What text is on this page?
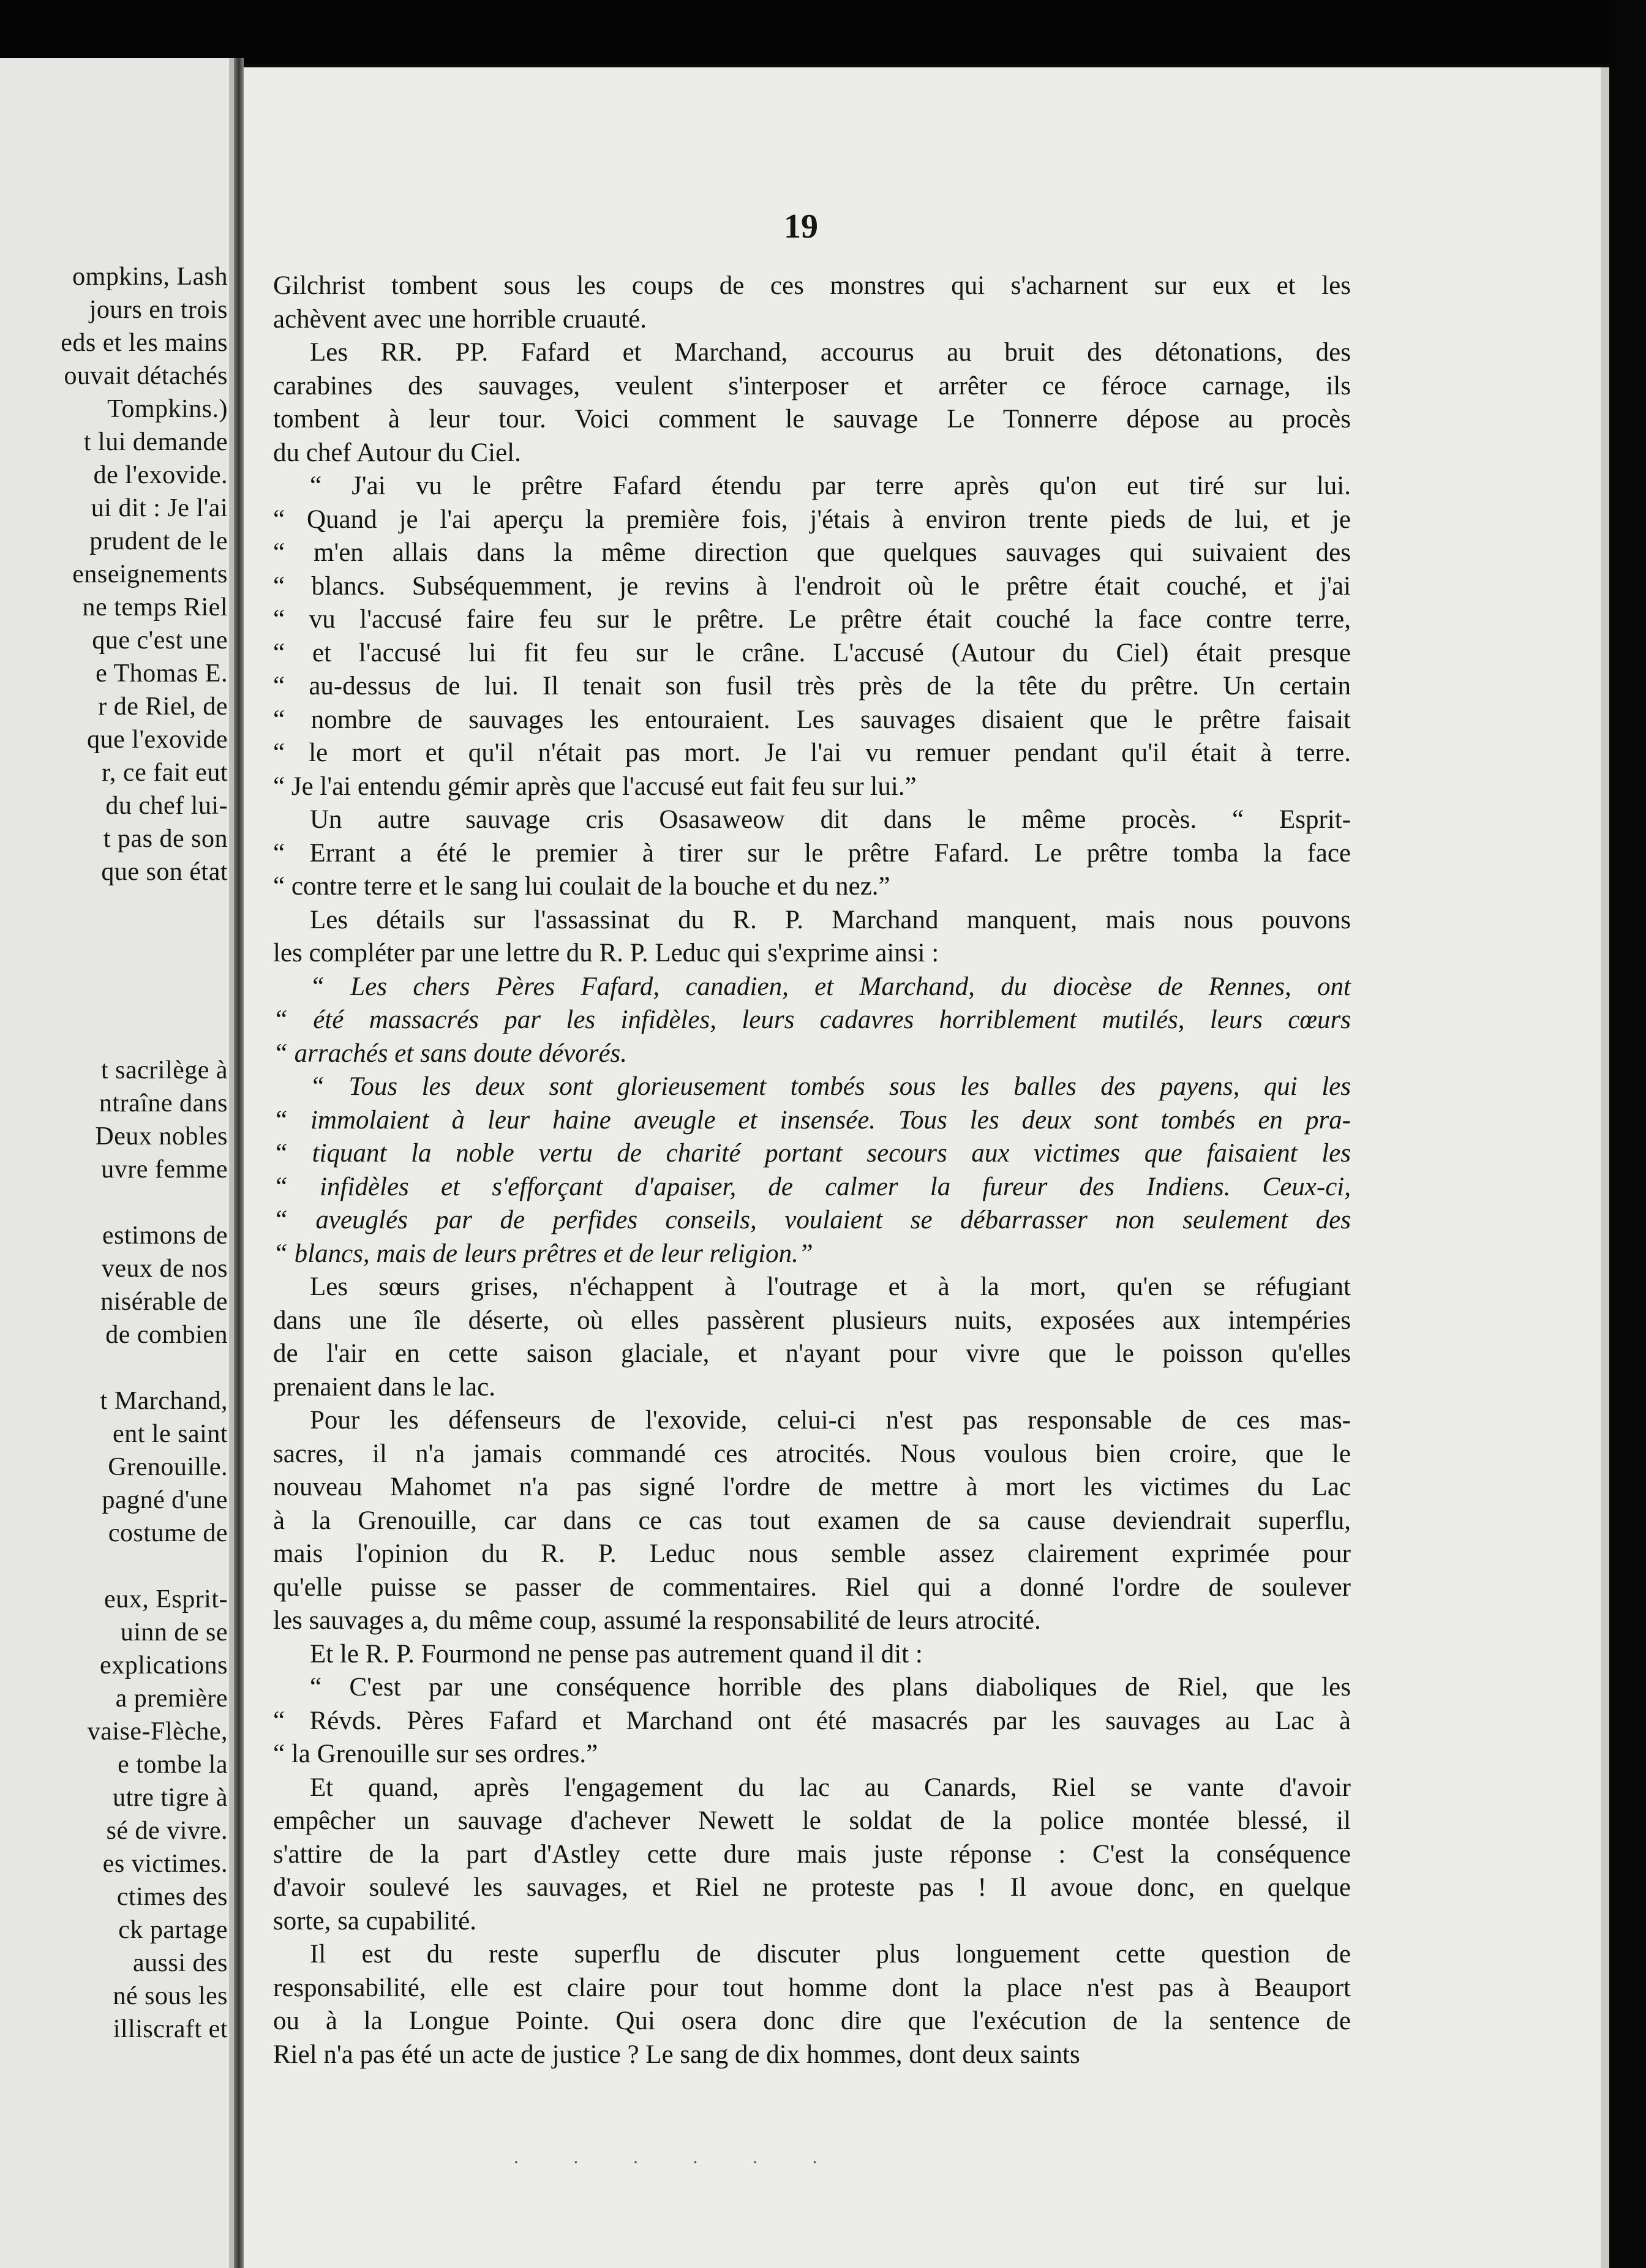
ompkins, Lash
jours en trois
eds et les mains
ouvait détachés
Tompkins.)
t lui demande
de l'exovide.
ui dit : Je l'ai
prudent de le
enseignements
ne temps Riel
que c'est une
e Thomas E.
r de Riel, de
que l'exovide
r, ce fait eut
du chef lui-
t pas de son
que son état
t sacrilège à
ntraîne dans
Deux nobles
uvre femme
estimons de
veux de nos
nisérable de
de combien
t Marchand,
ent le saint
Grenouille.
pagné d'une
costume de
eux, Esprit-
uinn de se
explications
a première
vaise-Flèche,
e tombe la
utre tigre à
sé de vivre.
es victimes.
ctimes des
ck partage
aussi des
né sous les
illiscraft et
19
Gilchrist tombent sous les coups de ces monstres qui s'acharnent sur eux et les
achèvent avec une horrible cruauté.
Les RR. PP. Fafard et Marchand, accourus au bruit des détonations, des
carabines des sauvages, veulent s'interposer et arrêter ce féroce carnage, ils
tombent à leur tour. Voici comment le sauvage Le Tonnerre dépose au procès
du chef Autour du Ciel.
“ J'ai vu le prêtre Fafard étendu par terre après qu'on eut tiré sur lui.
“ Quand je l'ai aperçu la première fois, j'étais à environ trente pieds de lui, et je
“ m'en allais dans la même direction que quelques sauvages qui suivaient des
“ blancs. Subséquemment, je revins à l'endroit où le prêtre était couché, et j'ai
“ vu l'accusé faire feu sur le prêtre. Le prêtre était couché la face contre terre,
“ et l'accusé lui fit feu sur le crâne. L'accusé (Autour du Ciel) était presque
“ au-dessus de lui. Il tenait son fusil très près de la tête du prêtre. Un certain
“ nombre de sauvages les entouraient. Les sauvages disaient que le prêtre faisait
“ le mort et qu'il n'était pas mort. Je l'ai vu remuer pendant qu'il était à terre.
“ Je l'ai entendu gémir après que l'accusé eut fait feu sur lui.”
Un autre sauvage cris Osasaweow dit dans le même procès. “ Esprit-
“ Errant a été le premier à tirer sur le prêtre Fafard. Le prêtre tomba la face
“ contre terre et le sang lui coulait de la bouche et du nez.”
Les détails sur l'assassinat du R. P. Marchand manquent, mais nous pouvons
les compléter par une lettre du R. P. Leduc qui s'exprime ainsi :
“ Les chers Pères Fafard, canadien, et Marchand, du diocèse de Rennes, ont
“ été massacrés par les infidèles, leurs cadavres horriblement mutilés, leurs cœurs
“ arrachés et sans doute dévorés.
“ Tous les deux sont glorieusement tombés sous les balles des payens, qui les
“ immolaient à leur haine aveugle et insensée. Tous les deux sont tombés en pra-
“ tiquant la noble vertu de charité portant secours aux victimes que faisaient les
“ infidèles et s'efforçant d'apaiser, de calmer la fureur des Indiens. Ceux-ci,
“ aveuglés par de perfides conseils, voulaient se débarrasser non seulement des
“ blancs, mais de leurs prêtres et de leur religion.”
Les sœurs grises, n'échappent à l'outrage et à la mort, qu'en se réfugiant
dans une île déserte, où elles passèrent plusieurs nuits, exposées aux intempéries
de l'air en cette saison glaciale, et n'ayant pour vivre que le poisson qu'elles
prenaient dans le lac.
Pour les défenseurs de l'exovide, celui-ci n'est pas responsable de ces mas-
sacres, il n'a jamais commandé ces atrocités. Nous voulous bien croire, que le
nouveau Mahomet n'a pas signé l'ordre de mettre à mort les victimes du Lac
à la Grenouille, car dans ce cas tout examen de sa cause deviendrait superflu,
mais l'opinion du R. P. Leduc nous semble assez clairement exprimée pour
qu'elle puisse se passer de commentaires. Riel qui a donné l'ordre de soulever
les sauvages a, du même coup, assumé la responsabilité de leurs atrocité.
Et le R. P. Fourmond ne pense pas autrement quand il dit :
“ C'est par une conséquence horrible des plans diaboliques de Riel, que les
“ Révds. Pères Fafard et Marchand ont été masacrés par les sauvages au Lac à
“ la Grenouille sur ses ordres.”
Et quand, après l'engagement du lac au Canards, Riel se vante d'avoir
empêcher un sauvage d'achever Newett le soldat de la police montée blessé, il
s'attire de la part d'Astley cette dure mais juste réponse : C'est la conséquence
d'avoir soulevé les sauvages, et Riel ne proteste pas ! Il avoue donc, en quelque
sorte, sa cupabilité.
Il est du reste superflu de discuter plus longuement cette question de
responsabilité, elle est claire pour tout homme dont la place n'est pas à Beauport
ou à la Longue Pointe. Qui osera donc dire que l'exécution de la sentence de
Riel n'a pas été un acte de justice ? Le sang de dix hommes, dont deux saints
· · · · · ·
